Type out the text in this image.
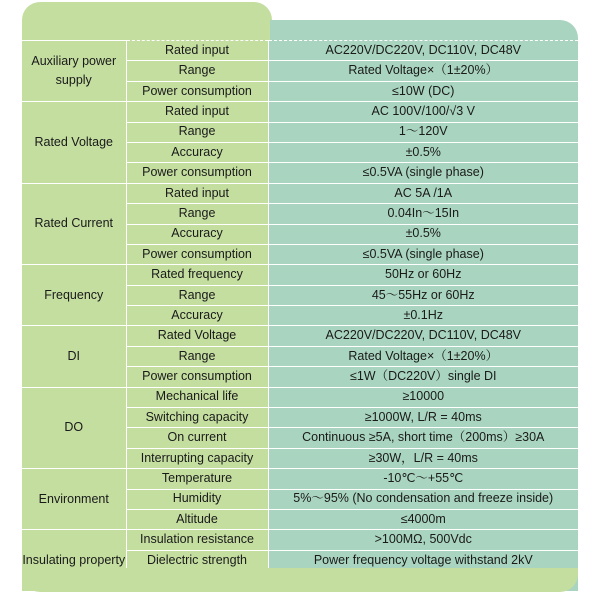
Auxiliary power supply	Rated input	AC220V/DC220V, DC110V, DC48V
	Range	Rated Voltage×（1±20%）
	Power consumption	≤10W (DC)
Rated Voltage	Rated input	AC 100V/100/√3 V
	Range	1～120V
	Accuracy	±0.5%
	Power consumption	≤0.5VA (single phase)
Rated Current	Rated input	AC 5A /1A
	Range	0.04In～15In
	Accuracy	±0.5%
	Power consumption	≤0.5VA (single phase)
Frequency	Rated frequency	50Hz or 60Hz
	Range	45～55Hz or 60Hz
	Accuracy	±0.1Hz
DI	Rated Voltage	AC220V/DC220V, DC110V, DC48V
	Range	Rated Voltage×（1±20%）
	Power consumption	≤1W（DC220V）single DI
DO	Mechanical life	≥10000
	Switching capacity	≥1000W, L/R = 40ms
	On current	Continuous ≥5A, short time（200ms）≥30A
	Interrupting capacity	≥30W，L/R = 40ms
Environment	Temperature	-10℃～+55℃
	Humidity	5%～95% (No condensation and freeze inside)
	Altitude	≤4000m
Insulating property	Insulation resistance	>100MΩ, 500Vdc
	Dielectric strength	Power frequency voltage withstand 2kV
